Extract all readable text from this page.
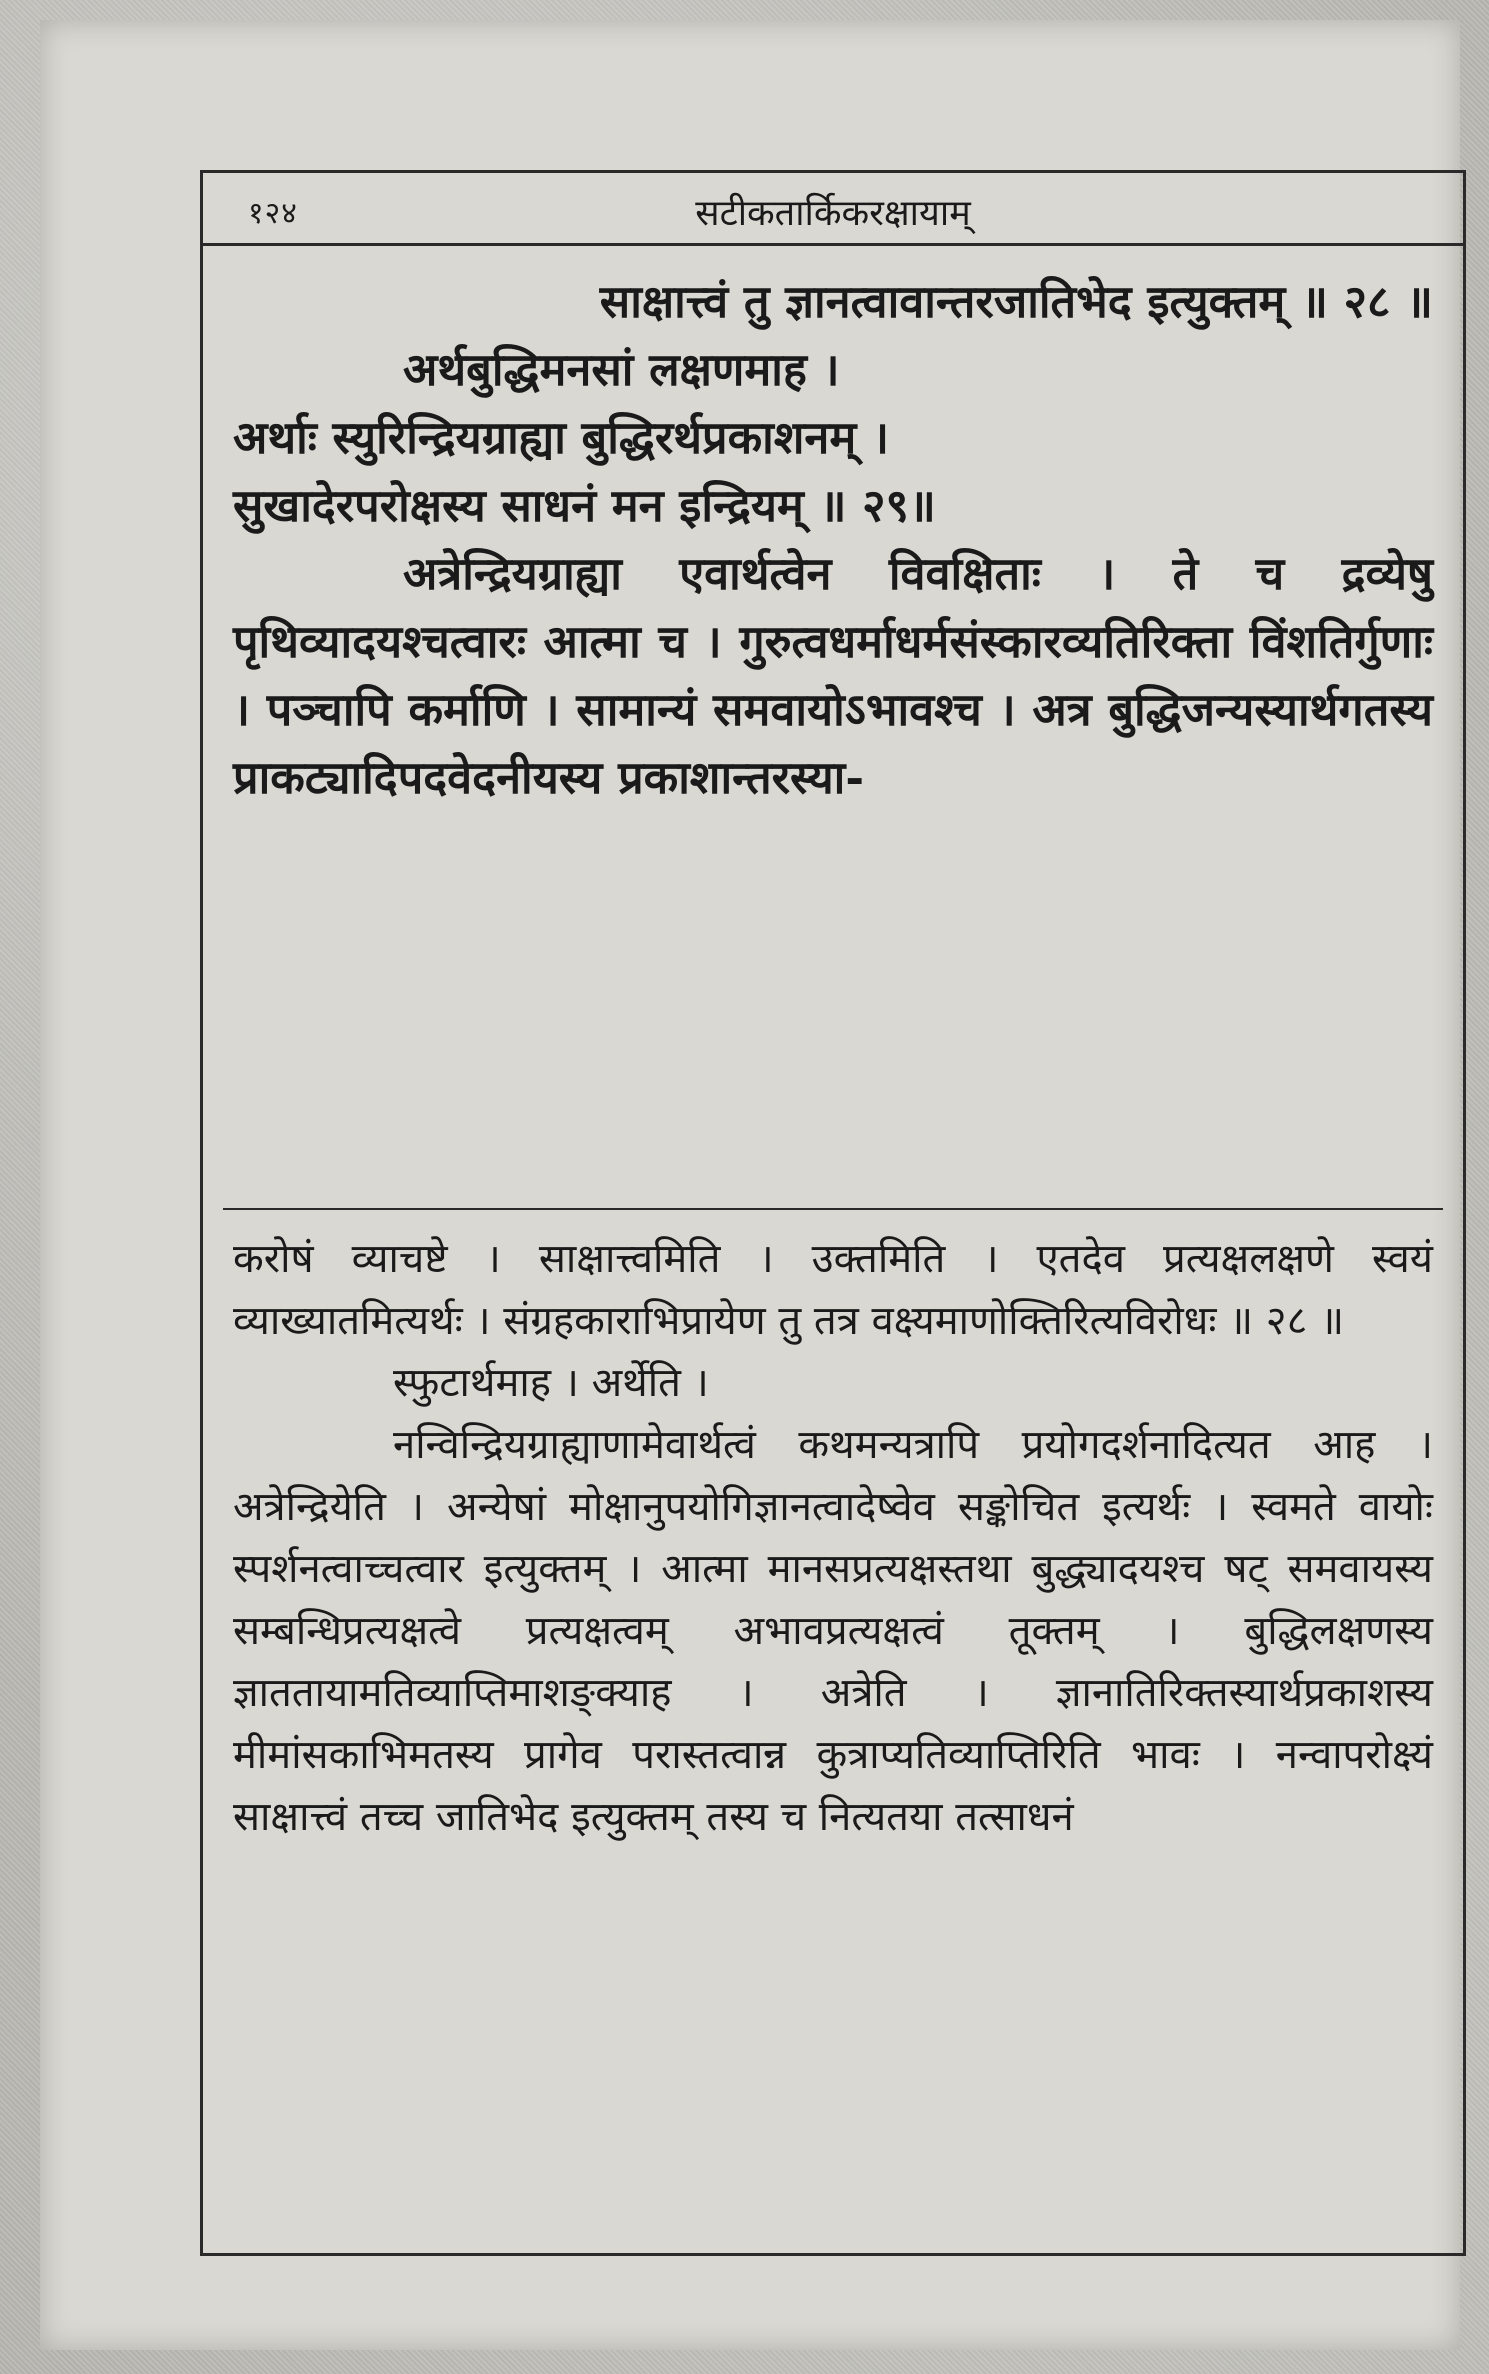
१२४	सटीकतार्किकरक्षायाम्

साक्षात्त्वं तु ज्ञानत्वावान्तरजातिभेद इत्युक्तम् ॥ २८ ॥

अर्थबुद्धिमनसां लक्षणमाह ।

अर्थाः स्युरिन्द्रियग्राह्या बुद्धिरर्थप्रकाशनम् ।

सुखादेरपरोक्षस्य साधनं मन इन्द्रियम् ॥ २९॥

अत्रेन्द्रियग्राह्या एवार्थत्वेन विवक्षिताः । ते च द्रव्येषु पृथिव्यादयश्चत्वारः आत्मा च । गुरुत्वधर्माधर्मसंस्कारव्यतिरिक्ता विंशतिर्गुणाः । पञ्चापि कर्माणि । सामान्यं समवायोऽभावश्च । अत्र बुद्धिजन्यस्यार्थगतस्य प्राकट्यादिपदवेदनीयस्य प्रकाशान्तरस्या-

करोषं व्याचष्टे । साक्षात्त्वमिति । उक्तमिति । एतदेव प्रत्यक्षलक्षणे स्वयं व्याख्यातमित्यर्थः । संग्रहकाराभिप्रायेण तु तत्र वक्ष्यमाणोक्तिरित्यविरोधः ॥ २८ ॥

स्फुटार्थमाह । अर्थेति ।

नन्विन्द्रियग्राह्याणामेवार्थत्वं कथमन्यत्रापि प्रयोगदर्शनादित्यत आह । अत्रेन्द्रियेति । अन्येषां मोक्षानुपयोगिज्ञानत्वादेष्वेव सङ्कोचित इत्यर्थः । स्वमते वायोः स्पर्शनत्वाच्चत्वार इत्युक्तम् । आत्मा मानसप्रत्यक्षस्तथा बुद्ध्यादयश्च षट् समवायस्य सम्बन्धिप्रत्यक्षत्वे प्रत्यक्षत्वम् अभावप्रत्यक्षत्वं तूक्तम् । बुद्धिलक्षणस्य ज्ञाततायामतिव्याप्तिमाशङ्क्याह । अत्रेति । ज्ञानातिरिक्तस्यार्थप्रकाशस्य मीमांसकाभिमतस्य प्रागेव परास्तत्वान्न कुत्राप्यतिव्याप्तिरिति भावः । नन्वापरोक्ष्यं साक्षात्त्वं तच्च जातिभेद इत्युक्तम् तस्य च नित्यतया तत्साधनं
